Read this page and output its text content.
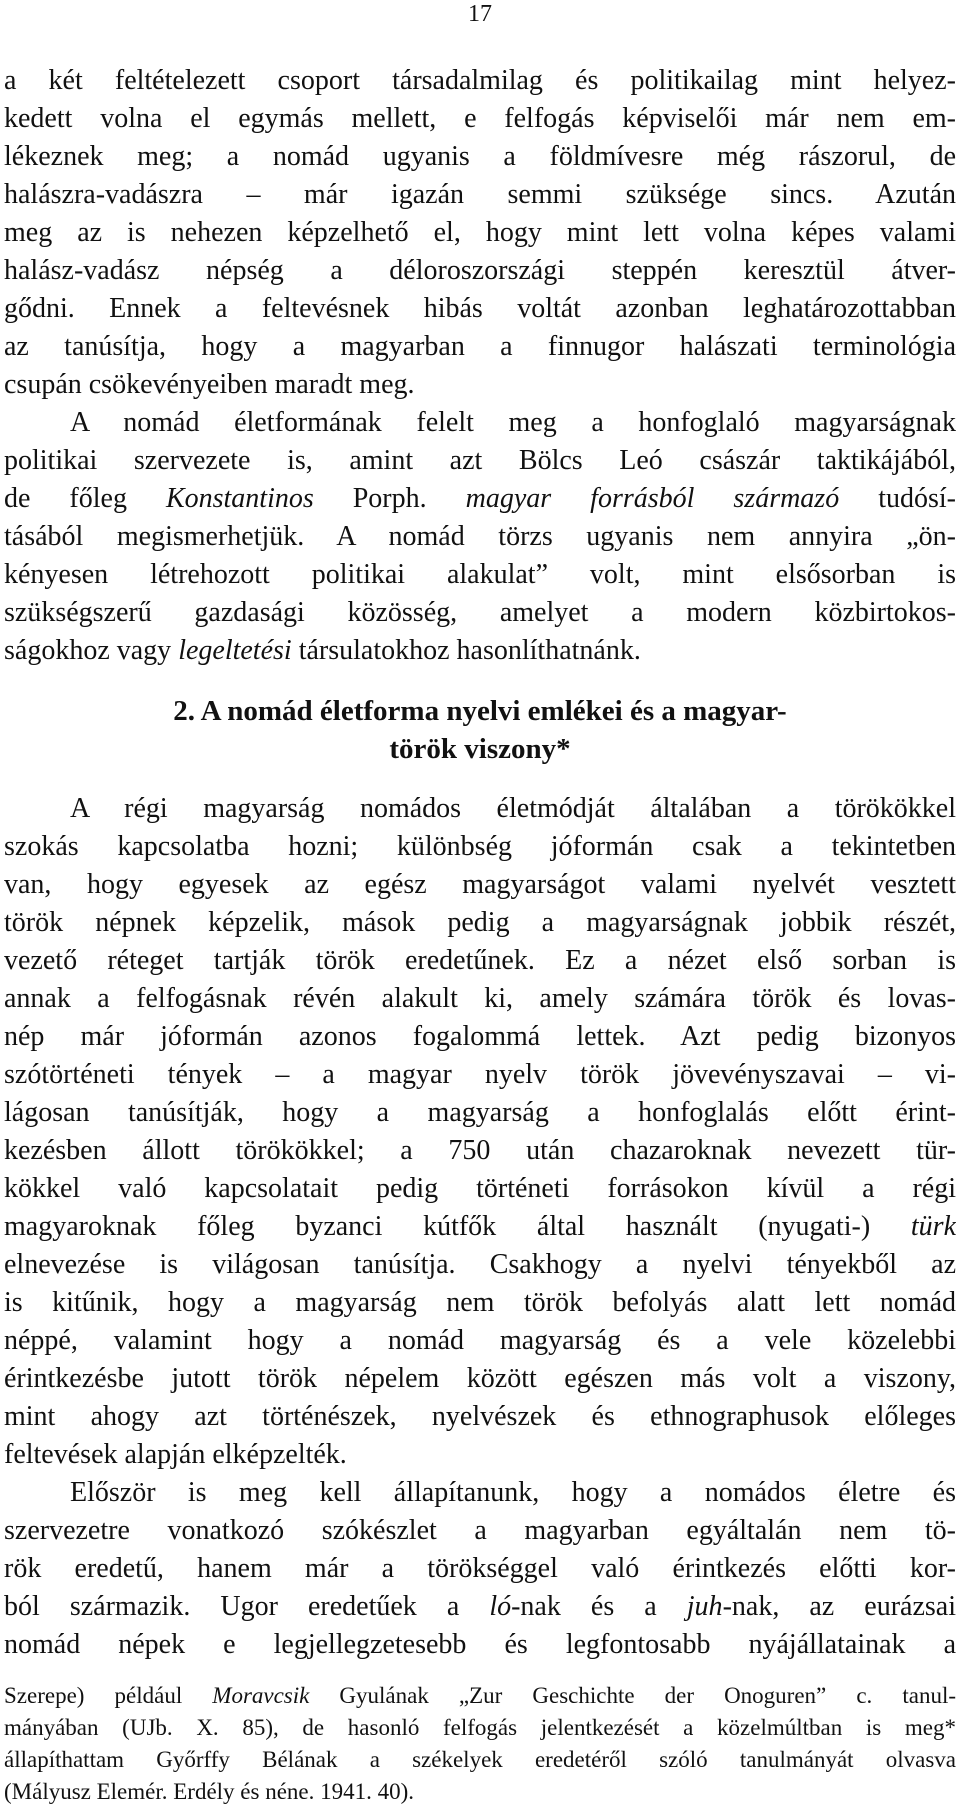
17
a két feltételezett csoport társadalmilag és politikailag mint helyez-
kedett volna el egymás mellett, e felfogás képviselői már nem em-
lékeznek meg; a nomád ugyanis a földmívesre még rászorul, de
halászra-vadászra – már igazán semmi szüksége sincs. Azután
meg az is nehezen képzelhető el, hogy mint lett volna képes valami
halász-vadász népség a déloroszországi steppén keresztül átver-
gődni. Ennek a feltevésnek hibás voltát azonban leghatározottabban
az tanúsítja, hogy a magyarban a finnugor halászati terminológia
csupán csökevényeiben maradt meg.
A nomád életformának felelt meg a honfoglaló magyarságnak
politikai szervezete is, amint azt Bölcs Leó császár taktikájából,
de főleg Konstantinos Porph. magyar forrásból származó tudósí-
tásából megismerhetjük. A nomád törzs ugyanis nem annyira „ön-
kényesen létrehozott politikai alakulat” volt, mint elsősorban is
szükségszerű gazdasági közösség, amelyet a modern közbirtokos-
ságokhoz vagy legeltetési társulatokhoz hasonlíthatnánk.
2. A nomád életforma nyelvi emlékei és a magyar-
török viszony*
A régi magyarság nomádos életmódját általában a törökökkel
szokás kapcsolatba hozni; különbség jóformán csak a tekintetben
van, hogy egyesek az egész magyarságot valami nyelvét vesztett
török népnek képzelik, mások pedig a magyarságnak jobbik részét,
vezető réteget tartják török eredetűnek. Ez a nézet első sorban is
annak a felfogásnak révén alakult ki, amely számára török és lovas-
nép már jóformán azonos fogalommá lettek. Azt pedig bizonyos
szótörténeti tények – a magyar nyelv török jövevényszavai – vi-
lágosan tanúsítják, hogy a magyarság a honfoglalás előtt érint-
kezésben állott törökökkel; a 750 után chazaroknak nevezett tür-
kökkel való kapcsolatait pedig történeti forrásokon kívül a régi
magyaroknak főleg byzanci kútfők által használt (nyugati-) türk
elnevezése is világosan tanúsítja. Csakhogy a nyelvi tényekből az
is kitűnik, hogy a magyarság nem török befolyás alatt lett nomád
néppé, valamint hogy a nomád magyarság és a vele közelebbi
érintkezésbe jutott török népelem között egészen más volt a viszony,
mint ahogy azt történészek, nyelvészek és ethnographusok előleges
feltevések alapján elképzelték.
Először is meg kell állapítanunk, hogy a nomádos életre és
szervezetre vonatkozó szókészlet a magyarban egyáltalán nem tö-
rök eredetű, hanem már a törökséggel való érintkezés előtti kor-
ból származik. Ugor eredetűek a ló-nak és a juh-nak, az eurázsai
nomád népek e legjellegzetesebb és legfontosabb nyájállatainak a
Szerepe) például Moravcsik Gyulának „Zur Geschichte der Onoguren” c. tanul-
mányában (UJb. X. 85), de hasonló felfogás jelentkezését a közelmúltban is meg*
állapíthattam Győrffy Bélának a székelyek eredetéről szóló tanulmányát olvasva
(Mályusz Elemér. Erdély és néne. 1941. 40).
